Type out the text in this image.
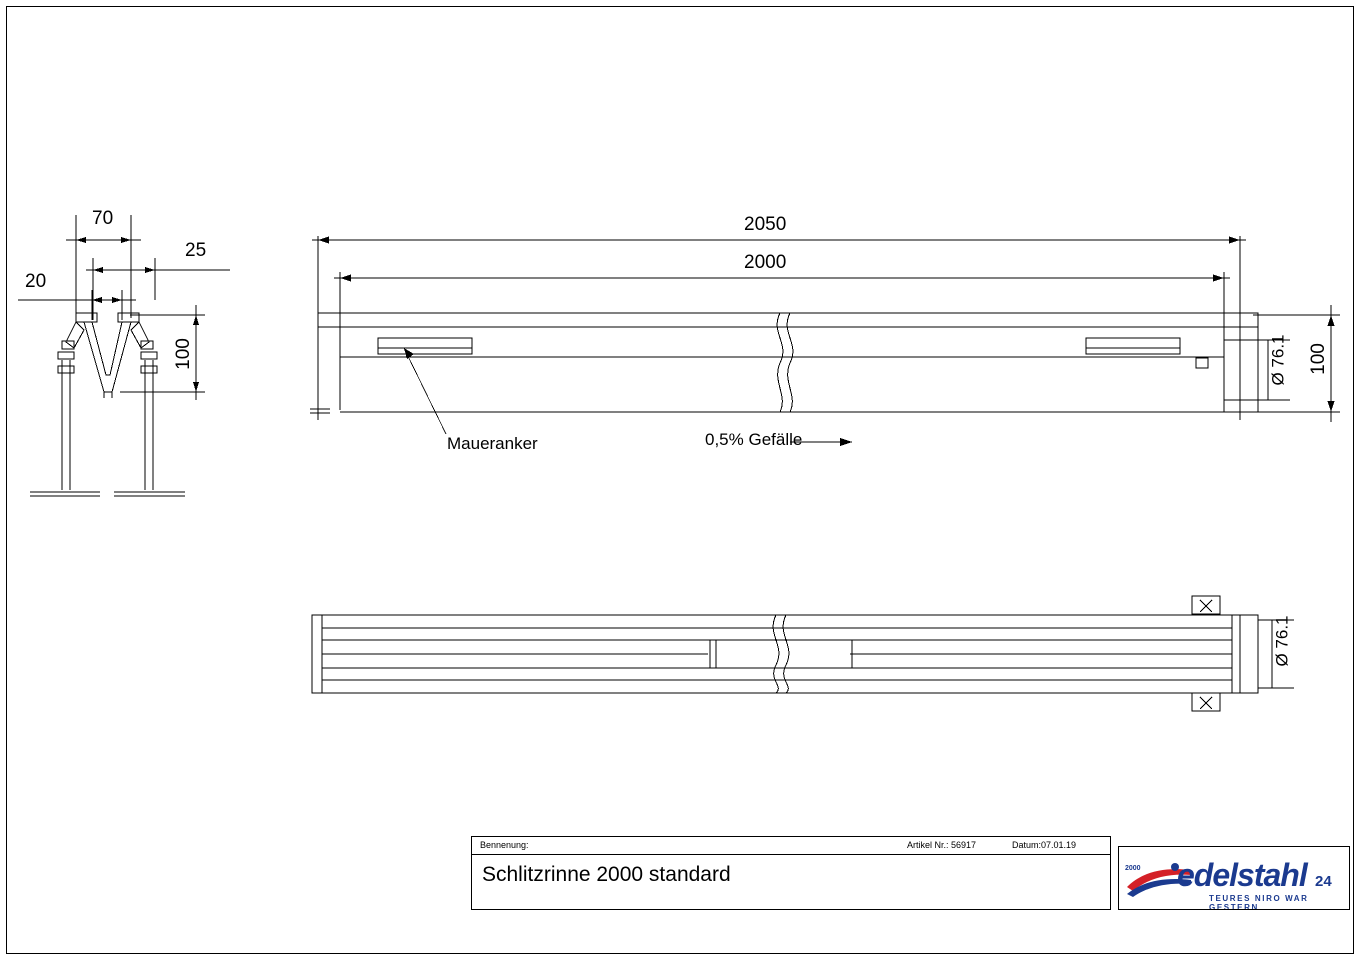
70
25
20
100
2050
2000
100
Ø 76.1
Ø 76.1
Maueranker	0,5% Gefälle
Bennenung:	Artikel Nr.: 56917	Datum:07.01.19
Schlitzrinne 2000 standard	2000 edelstahl 24
TEURES NIRO WAR GESTERN
